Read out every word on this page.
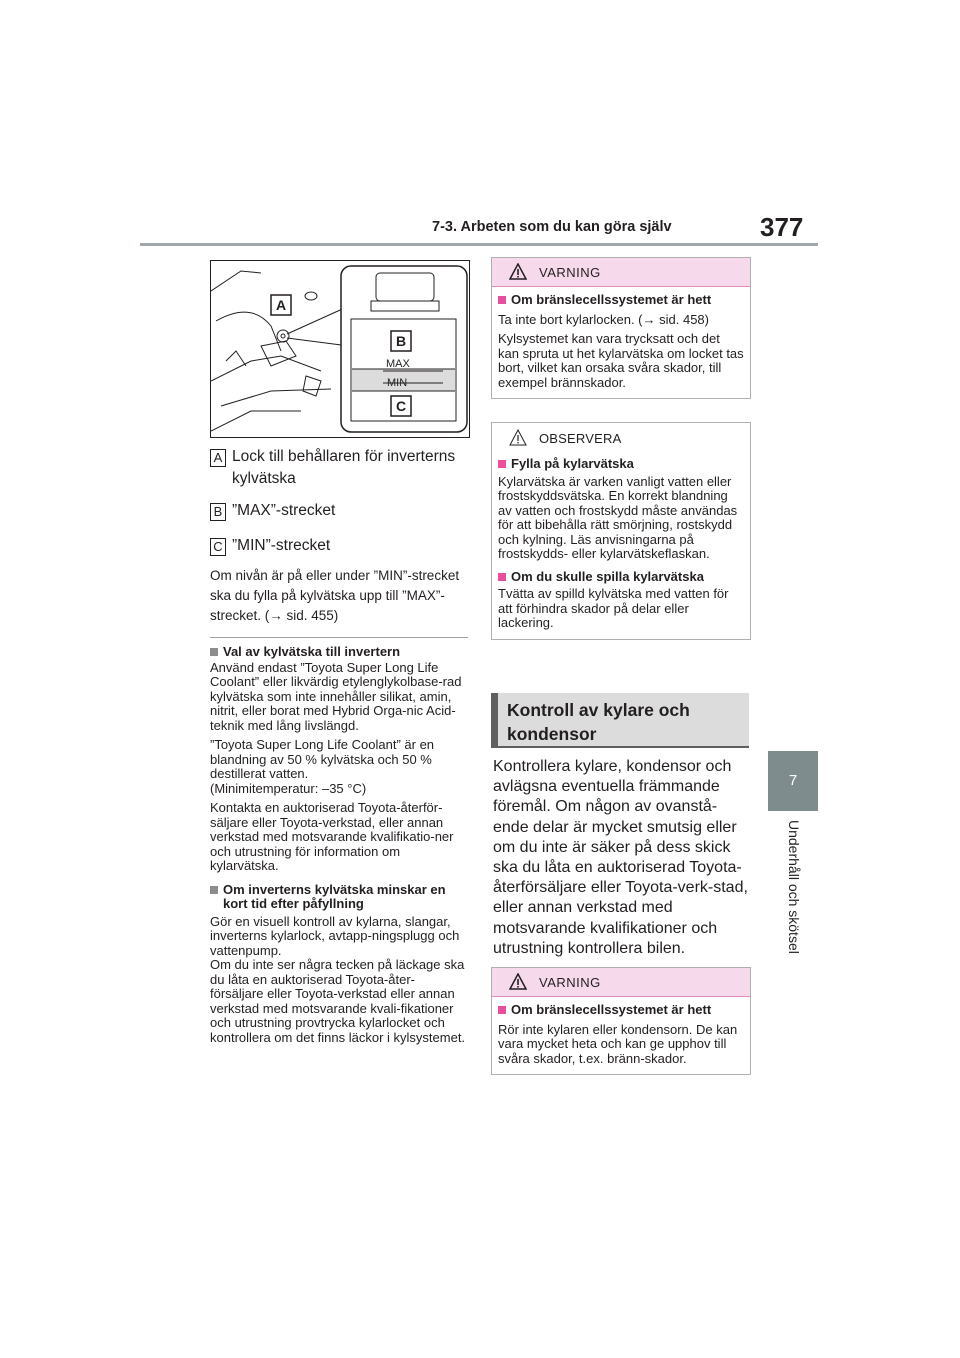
7-3. Arbeten som du kan göra själv	377
7
Underhåll och skötsel
MAX
MIN
B
C
A
A Lock till behållaren för inverterns kylvätska
B ”MAX”-strecket
C ”MIN”-strecket
Om nivån är på eller under ”MIN”-strecket ska du fylla på kylvätska upp till ”MAX”-strecket. (→ sid. 455)
Val av kylvätska till invertern
Använd endast ”Toyota Super Long Life Coolant” eller likvärdig etylenglykolbase-rad kylvätska som inte innehåller silikat, amin, nitrit, eller borat med Hybrid Orga-nic Acid-teknik med lång livslängd.
”Toyota Super Long Life Coolant” är en blandning av 50 % kylvätska och 50 % destillerat vatten.
(Minimitemperatur: –35 °C)
Kontakta en auktoriserad Toyota-återför-säljare eller Toyota-verkstad, eller annan verkstad med motsvarande kvalifikatio-ner och utrustning för information om kylarvätska.
Om inverterns kylvätska minskar en kort tid efter påfyllning
Gör en visuell kontroll av kylarna, slangar, inverterns kylarlock, avtapp-ningsplugg och vattenpump.
Om du inte ser några tecken på läckage ska du låta en auktoriserad Toyota-åter-försäljare eller Toyota-verkstad eller annan verkstad med motsvarande kvali-fikationer och utrustning provtrycka kylarlocket och kontrollera om det finns läckor i kylsystemet.
VARNING
Om bränslecellssystemet är hett
Ta inte bort kylarlocken. (→ sid. 458)
Kylsystemet kan vara trycksatt och det kan spruta ut het kylarvätska om locket tas bort, vilket kan orsaka svåra skador, till exempel brännskador.
OBSERVERA
Fylla på kylarvätska
Kylarvätska är varken vanligt vatten eller frostskyddsvätska. En korrekt blandning av vatten och frostskydd måste användas för att bibehålla rätt smörjning, rostskydd och kylning. Läs anvisningarna på frostskydds- eller kylarvätskeflaskan.
Om du skulle spilla kylarvätska
Tvätta av spilld kylvätska med vatten för att förhindra skador på delar eller lackering.
Kontroll av kylare och kondensor
Kontrollera kylare, kondensor och avlägsna eventuella främmande föremål. Om någon av ovanstå-ende delar är mycket smutsig eller om du inte är säker på dess skick ska du låta en auktoriserad Toyota-återförsäljare eller Toyota-verk-stad, eller annan verkstad med motsvarande kvalifikationer och utrustning kontrollera bilen.
VARNING
Om bränslecellssystemet är hett
Rör inte kylaren eller kondensorn. De kan vara mycket heta och kan ge upphov till svåra skador, t.ex. bränn-skador.
